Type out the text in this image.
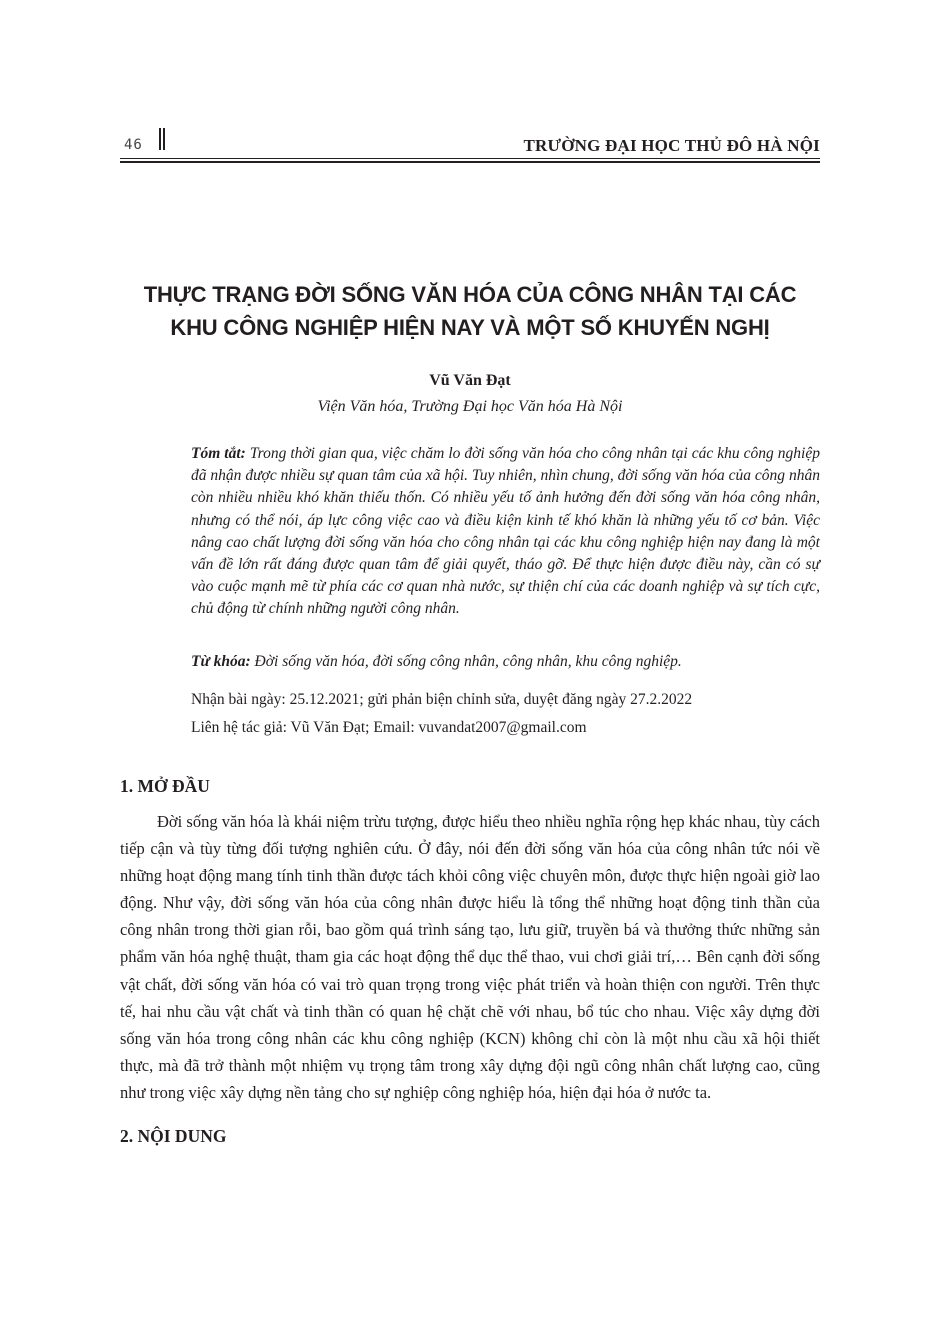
46	TRƯỜNG ĐẠI HỌC THỦ ĐÔ HÀ NỘI
THỰC TRẠNG ĐỜI SỐNG VĂN HÓA CỦA CÔNG NHÂN TẠI CÁC
KHU CÔNG NGHIỆP HIỆN NAY VÀ MỘT SỐ KHUYẾN NGHỊ
Vũ Văn Đạt
Viện Văn hóa, Trường Đại học Văn hóa Hà Nội
Tóm tắt: Trong thời gian qua, việc chăm lo đời sống văn hóa cho công nhân tại các khu công nghiệp đã nhận được nhiều sự quan tâm của xã hội. Tuy nhiên, nhìn chung, đời sống văn hóa của công nhân còn nhiều nhiều khó khăn thiếu thốn. Có nhiều yếu tố ảnh hưởng đến đời sống văn hóa công nhân, nhưng có thể nói, áp lực công việc cao và điều kiện kinh tế khó khăn là những yếu tố cơ bản. Việc nâng cao chất lượng đời sống văn hóa cho công nhân tại các khu công nghiệp hiện nay đang là một vấn đề lớn rất đáng được quan tâm để giải quyết, tháo gỡ. Để thực hiện được điều này, cần có sự vào cuộc mạnh mẽ từ phía các cơ quan nhà nước, sự thiện chí của các doanh nghiệp và sự tích cực, chủ động từ chính những người công nhân.
Từ khóa: Đời sống văn hóa, đời sống công nhân, công nhân, khu công nghiệp.
Nhận bài ngày: 25.12.2021; gửi phản biện chỉnh sửa, duyệt đăng ngày 27.2.2022
Liên hệ tác giả: Vũ Văn Đạt; Email: vuvandat2007@gmail.com
1. MỞ ĐẦU
Đời sống văn hóa là khái niệm trừu tượng, được hiểu theo nhiều nghĩa rộng hẹp khác nhau, tùy cách tiếp cận và tùy từng đối tượng nghiên cứu. Ở đây, nói đến đời sống văn hóa của công nhân tức nói về những hoạt động mang tính tinh thần được tách khỏi công việc chuyên môn, được thực hiện ngoài giờ lao động. Như vậy, đời sống văn hóa của công nhân được hiểu là tổng thể những hoạt động tinh thần của công nhân trong thời gian rỗi, bao gồm quá trình sáng tạo, lưu giữ, truyền bá và thưởng thức những sản phẩm văn hóa nghệ thuật, tham gia các hoạt động thể dục thể thao, vui chơi giải trí,… Bên cạnh đời sống vật chất, đời sống văn hóa có vai trò quan trọng trong việc phát triển và hoàn thiện con người. Trên thực tế, hai nhu cầu vật chất và tinh thần có quan hệ chặt chẽ với nhau, bổ túc cho nhau. Việc xây dựng đời sống văn hóa trong công nhân các khu công nghiệp (KCN) không chỉ còn là một nhu cầu xã hội thiết thực, mà đã trở thành một nhiệm vụ trọng tâm trong xây dựng đội ngũ công nhân chất lượng cao, cũng như trong việc xây dựng nền tảng cho sự nghiệp công nghiệp hóa, hiện đại hóa ở nước ta.
2. NỘI DUNG
